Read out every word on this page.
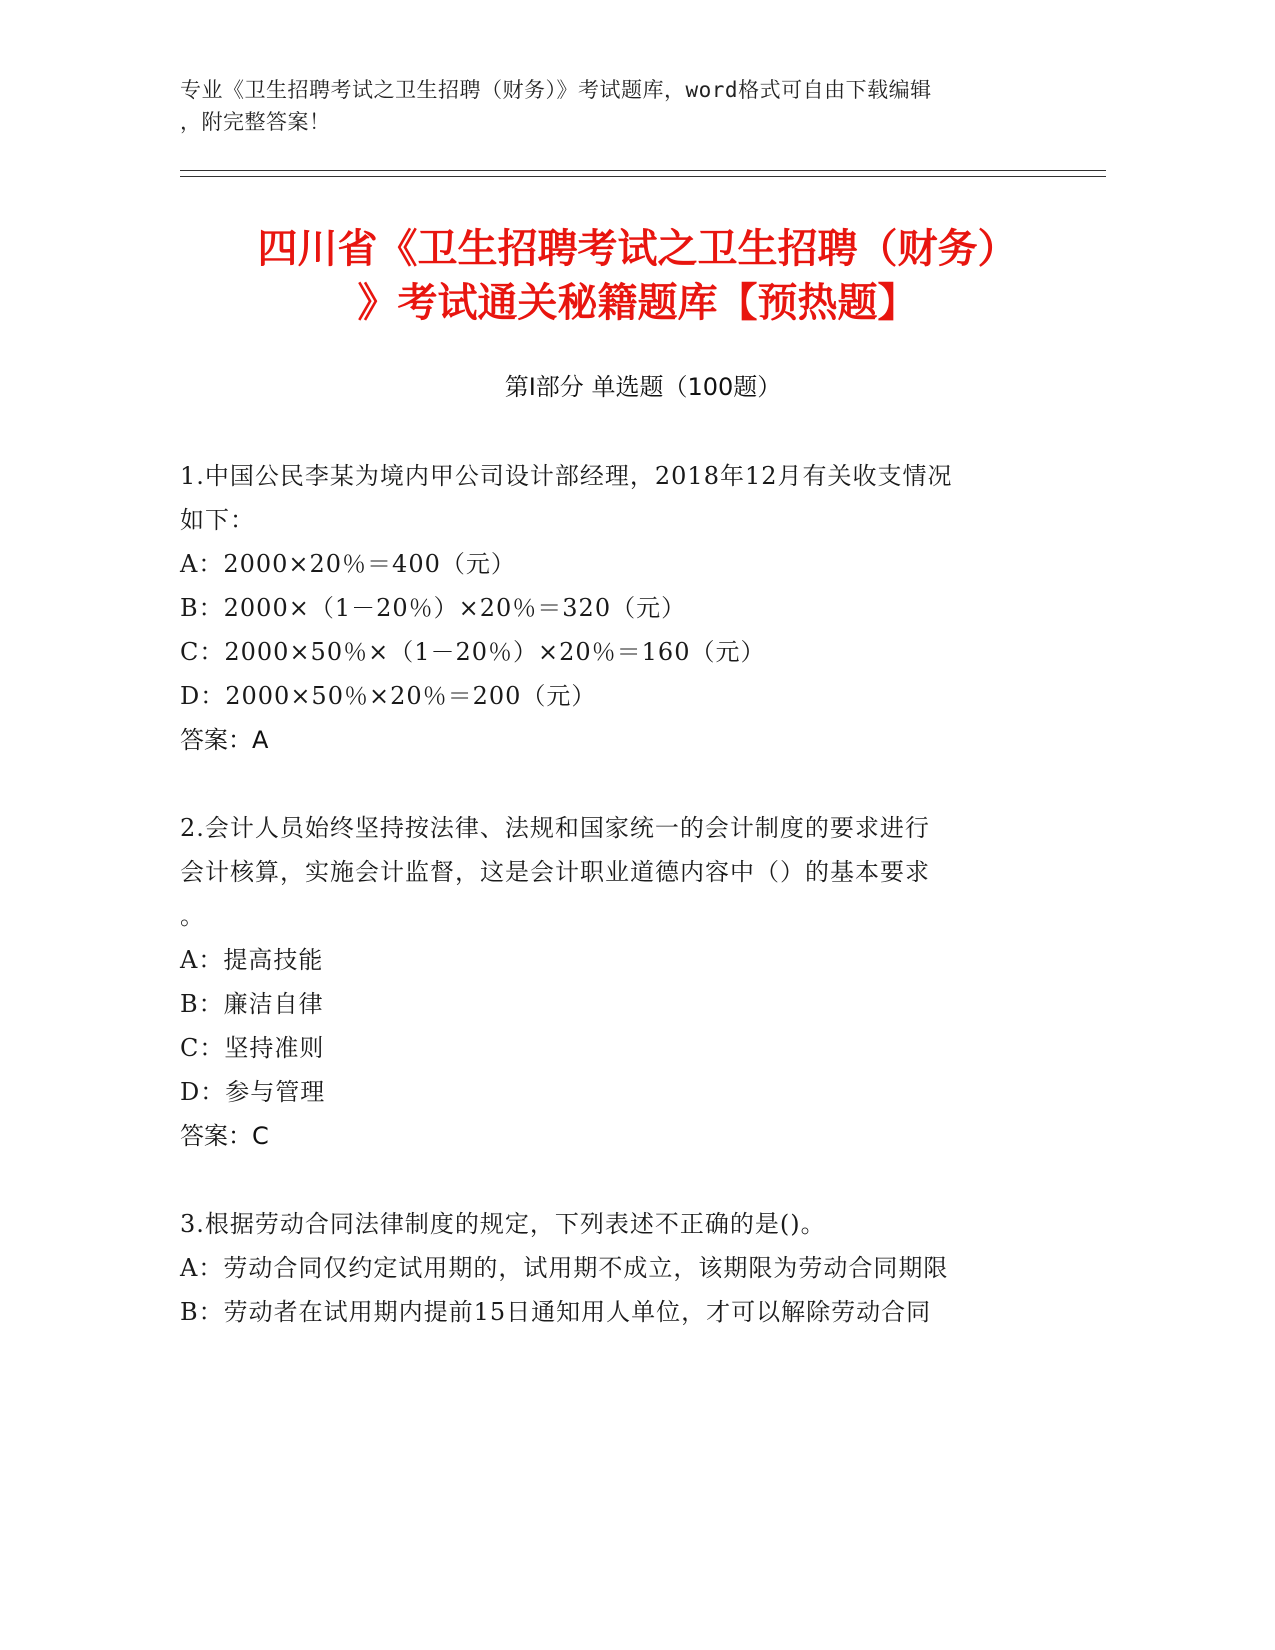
专业《卫生招聘考试之卫生招聘（财务）》考试题库，word格式可自由下载编辑
，附完整答案！
四川省《卫生招聘考试之卫生招聘（财务）
》考试通关秘籍题库【预热题】
第Ⅰ部分 单选题（100题）
1.中国公民李某为境内甲公司设计部经理，2018年12月有关收支情况
如下：
A：2000×20％＝400（元）
B：2000×（1－20％）×20％＝320（元）
C：2000×50％×（1－20％）×20％＝160（元）
D：2000×50％×20％＝200（元）
答案：A
2.会计人员始终坚持按法律、法规和国家统一的会计制度的要求进行
会计核算，实施会计监督，这是会计职业道德内容中（）的基本要求
。
A：提高技能
B：廉洁自律
C：坚持准则
D：参与管理
答案：C
3.根据劳动合同法律制度的规定，下列表述不正确的是()。
A：劳动合同仅约定试用期的，试用期不成立，该期限为劳动合同期限
B：劳动者在试用期内提前15日通知用人单位，才可以解除劳动合同
